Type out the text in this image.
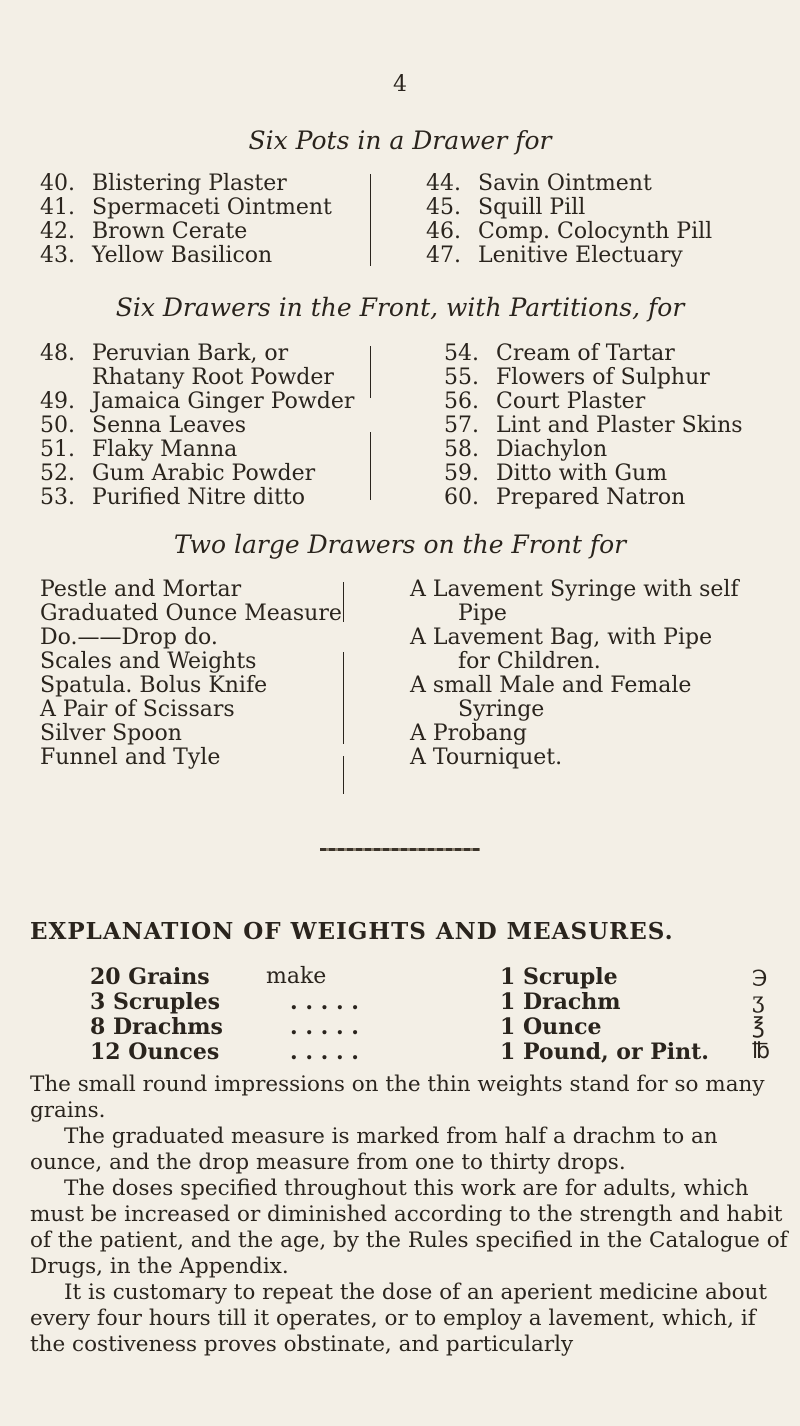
4
Six Pots in a Drawer for
40. Blistering Plaster
41. Spermaceti Ointment
42. Brown Cerate
43. Yellow Basilicon
44. Savin Ointment
45. Squill Pill
46. Comp. Colocynth Pill
47. Lenitive Electuary
Six Drawers in the Front, with Partitions, for
48. Peruvian Bark, or
Rhatany Root Powder
49. Jamaica Ginger Powder
50. Senna Leaves
51. Flaky Manna
52. Gum Arabic Powder
53. Purified Nitre ditto
54. Cream of Tartar
55. Flowers of Sulphur
56. Court Plaster
57. Lint and Plaster Skins
58. Diachylon
59. Ditto with Gum
60. Prepared Natron
Two large Drawers on the Front for
Pestle and Mortar
Graduated Ounce Measure
Do.——Drop do.
Scales and Weights
Spatula. Bolus Knife
A Pair of Scissars
Silver Spoon
Funnel and Tyle
A Lavement Syringe with self
Pipe
A Lavement Bag, with Pipe
for Children.
A small Male and Female
Syringe
A Probang
A Tourniquet.
EXPLANATION OF WEIGHTS AND MEASURES.
20 Grains	make	1 Scruple	℈
3 Scruples	. . . . .	1 Drachm	ʒ
8 Drachms	. . . . .	1 Ounce	℥
12 Ounces	. . . . .	1 Pound, or Pint. ℔

The small round impressions on the thin weights stand for so many grains.

The graduated measure is marked from half a drachm to an ounce, and the drop measure from one to thirty drops.

The doses specified throughout this work are for adults, which must be increased or diminished according to the strength and habit of the patient, and the age, by the Rules specified in the Catalogue of Drugs, in the Appendix.

It is customary to repeat the dose of an aperient medicine about every four hours till it operates, or to employ a lavement, which, if the costiveness proves obstinate, and particularly
